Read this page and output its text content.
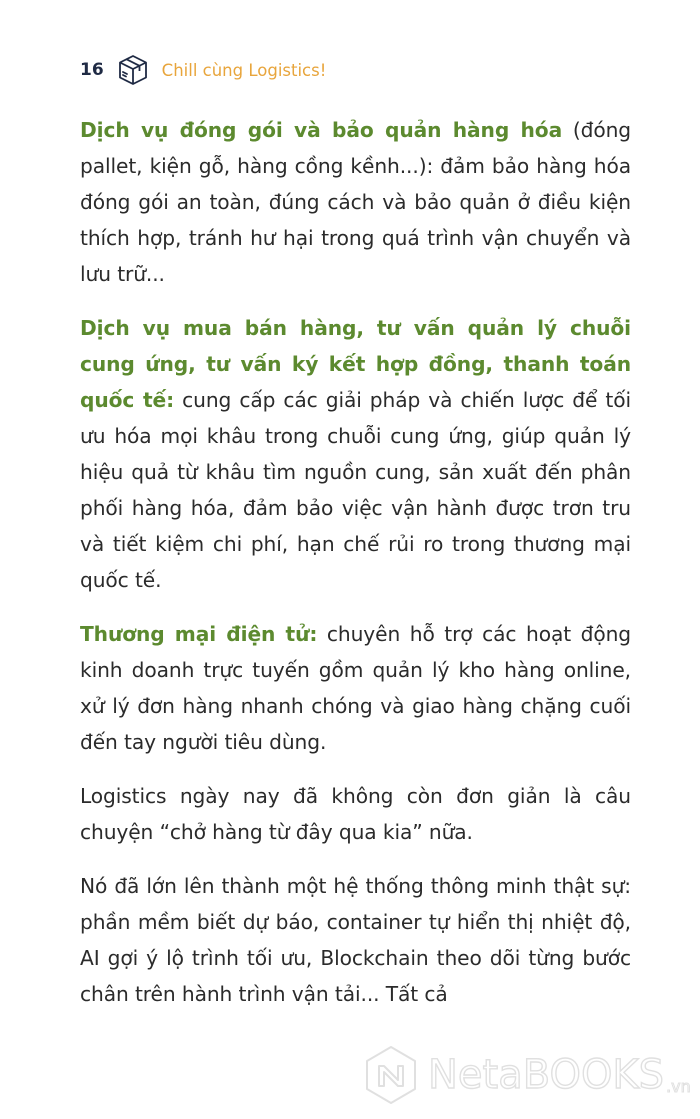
16	Chill cùng Logistics!

Dịch vụ đóng gói và bảo quản hàng hóa (đóng pallet, kiện gỗ, hàng cồng kềnh...): đảm bảo hàng hóa đóng gói an toàn, đúng cách và bảo quản ở điều kiện thích hợp, tránh hư hại trong quá trình vận chuyển và lưu trữ...

Dịch vụ mua bán hàng, tư vấn quản lý chuỗi cung ứng, tư vấn ký kết hợp đồng, thanh toán quốc tế: cung cấp các giải pháp và chiến lược để tối ưu hóa mọi khâu trong chuỗi cung ứng, giúp quản lý hiệu quả từ khâu tìm nguồn cung, sản xuất đến phân phối hàng hóa, đảm bảo việc vận hành được trơn tru và tiết kiệm chi phí, hạn chế rủi ro trong thương mại quốc tế.

Thương mại điện tử: chuyên hỗ trợ các hoạt động kinh doanh trực tuyến gồm quản lý kho hàng online, xử lý đơn hàng nhanh chóng và giao hàng chặng cuối đến tay người tiêu dùng.

Logistics ngày nay đã không còn đơn giản là câu chuyện “chở hàng từ đây qua kia” nữa.

Nó đã lớn lên thành một hệ thống thông minh thật sự: phần mềm biết dự báo, container tự hiển thị nhiệt độ, AI gợi ý lộ trình tối ưu, Blockchain theo dõi từng bước chân trên hành trình vận tải... Tất cả

NetaBOOKS .vn
